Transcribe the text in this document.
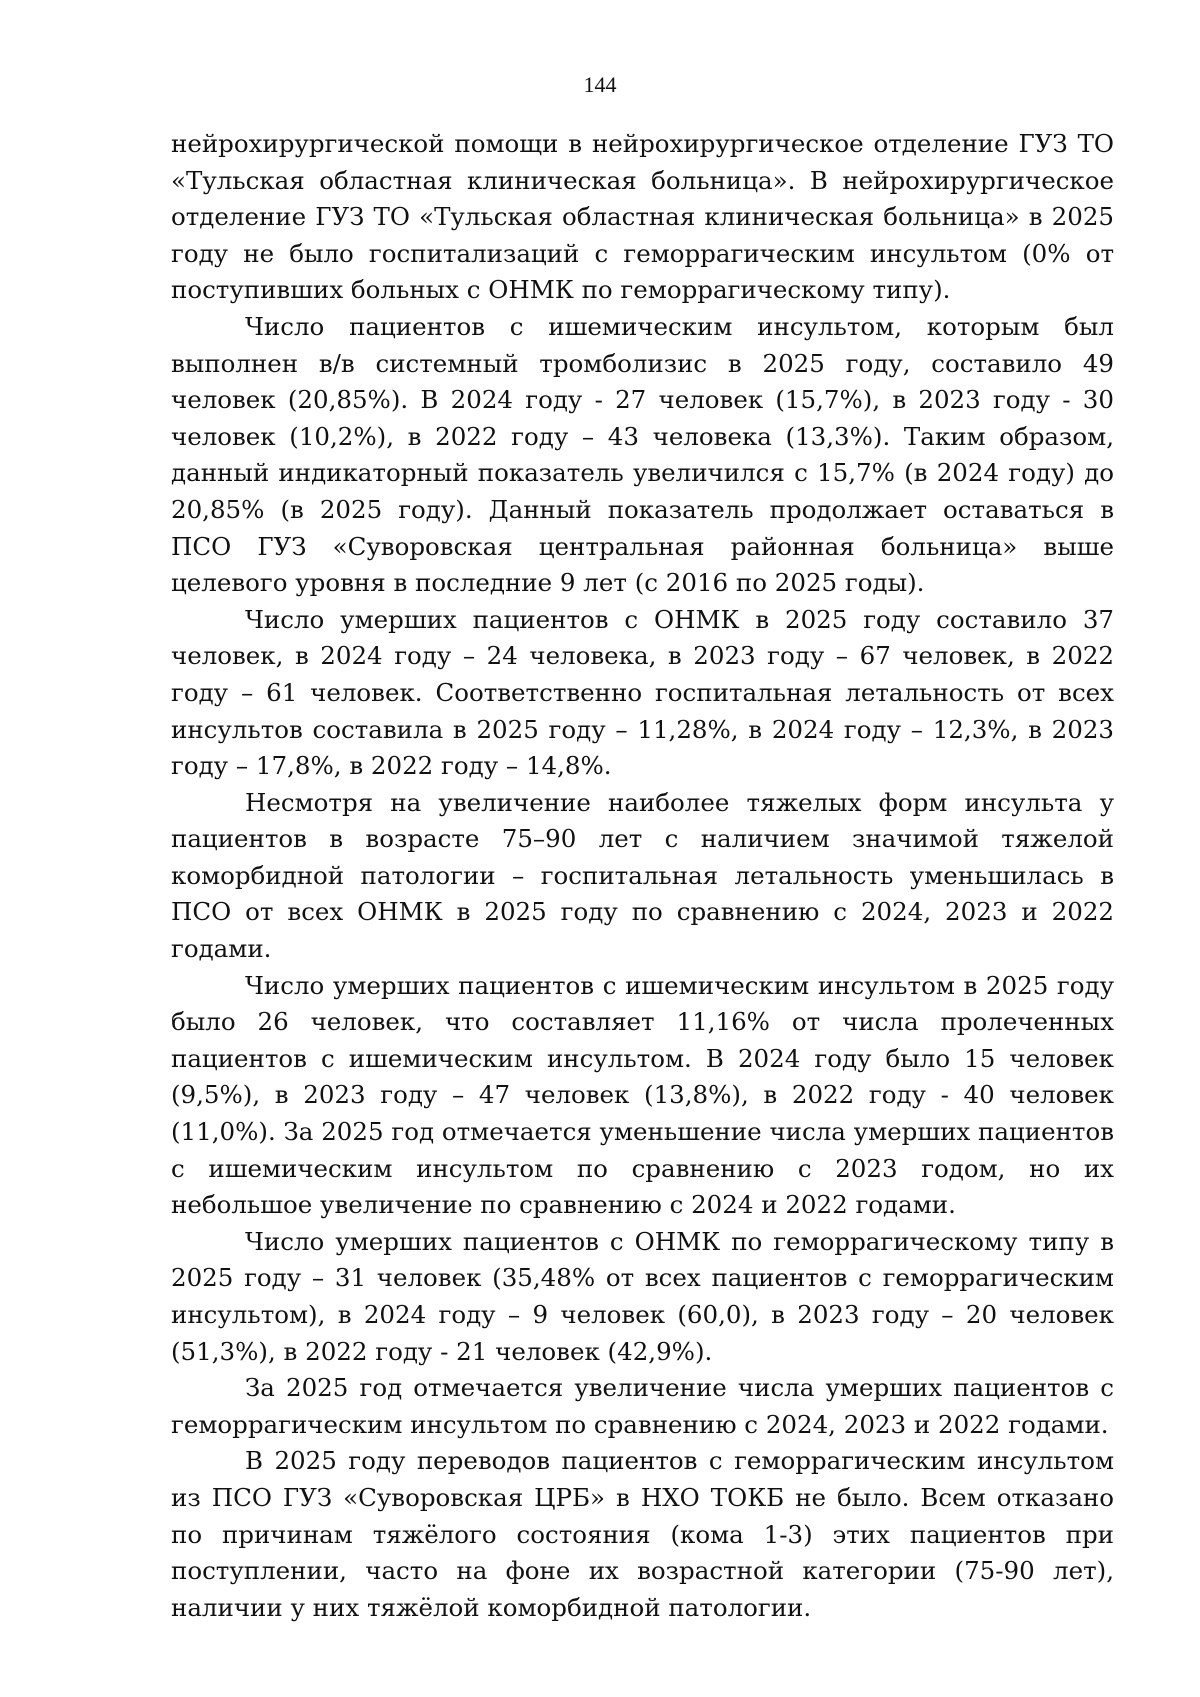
144

нейрохирургической помощи в нейрохирургическое отделение ГУЗ ТО «Тульская областная клиническая больница». В нейрохирургическое отделение ГУЗ ТО «Тульская областная клиническая больница» в 2025 году не было госпитализаций с геморрагическим инсультом (0% от поступивших больных с ОНМК по геморрагическому типу).

Число пациентов с ишемическим инсультом, которым был выполнен в/в системный тромболизис в 2025 году, составило 49 человек (20,85%). В 2024 году - 27 человек (15,7%), в 2023 году - 30 человек (10,2%), в 2022 году – 43 человека (13,3%). Таким образом, данный индикаторный показатель увеличился с 15,7% (в 2024 году) до 20,85% (в 2025 году). Данный показатель продолжает оставаться в ПСО ГУЗ «Суворовская центральная районная больница» выше целевого уровня в последние 9 лет (с 2016 по 2025 годы).

Число умерших пациентов с ОНМК в 2025 году составило 37 человек, в 2024 году – 24 человека, в 2023 году – 67 человек, в 2022 году – 61 человек. Соответственно госпитальная летальность от всех инсультов составила в 2025 году – 11,28%, в 2024 году – 12,3%, в 2023 году – 17,8%, в 2022 году – 14,8%.

Несмотря на увеличение наиболее тяжелых форм инсульта у пациентов в возрасте 75–90 лет с наличием значимой тяжелой коморбидной патологии – госпитальная летальность уменьшилась в ПСО от всех ОНМК в 2025 году по сравнению с 2024, 2023 и 2022 годами.

Число умерших пациентов с ишемическим инсультом в 2025 году было 26 человек, что составляет 11,16% от числа пролеченных пациентов с ишемическим инсультом. В 2024 году было 15 человек (9,5%), в 2023 году – 47 человек (13,8%), в 2022 году - 40 человек (11,0%). За 2025 год отмечается уменьшение числа умерших пациентов с ишемическим инсультом по сравнению с 2023 годом, но их небольшое увеличение по сравнению с 2024 и 2022 годами.

Число умерших пациентов с ОНМК по геморрагическому типу в 2025 году – 31 человек (35,48% от всех пациентов с геморрагическим инсультом), в 2024 году – 9 человек (60,0), в 2023 году – 20 человек (51,3%), в 2022 году - 21 человек (42,9%).

За 2025 год отмечается увеличение числа умерших пациентов с геморрагическим инсультом по сравнению с 2024, 2023 и 2022 годами.

В 2025 году переводов пациентов с геморрагическим инсультом из ПСО ГУЗ «Суворовская ЦРБ» в НХО ТОКБ не было. Всем отказано по причинам тяжёлого состояния (кома 1-3) этих пациентов при поступлении, часто на фоне их возрастной категории (75-90 лет), наличии у них тяжёлой коморбидной патологии.
